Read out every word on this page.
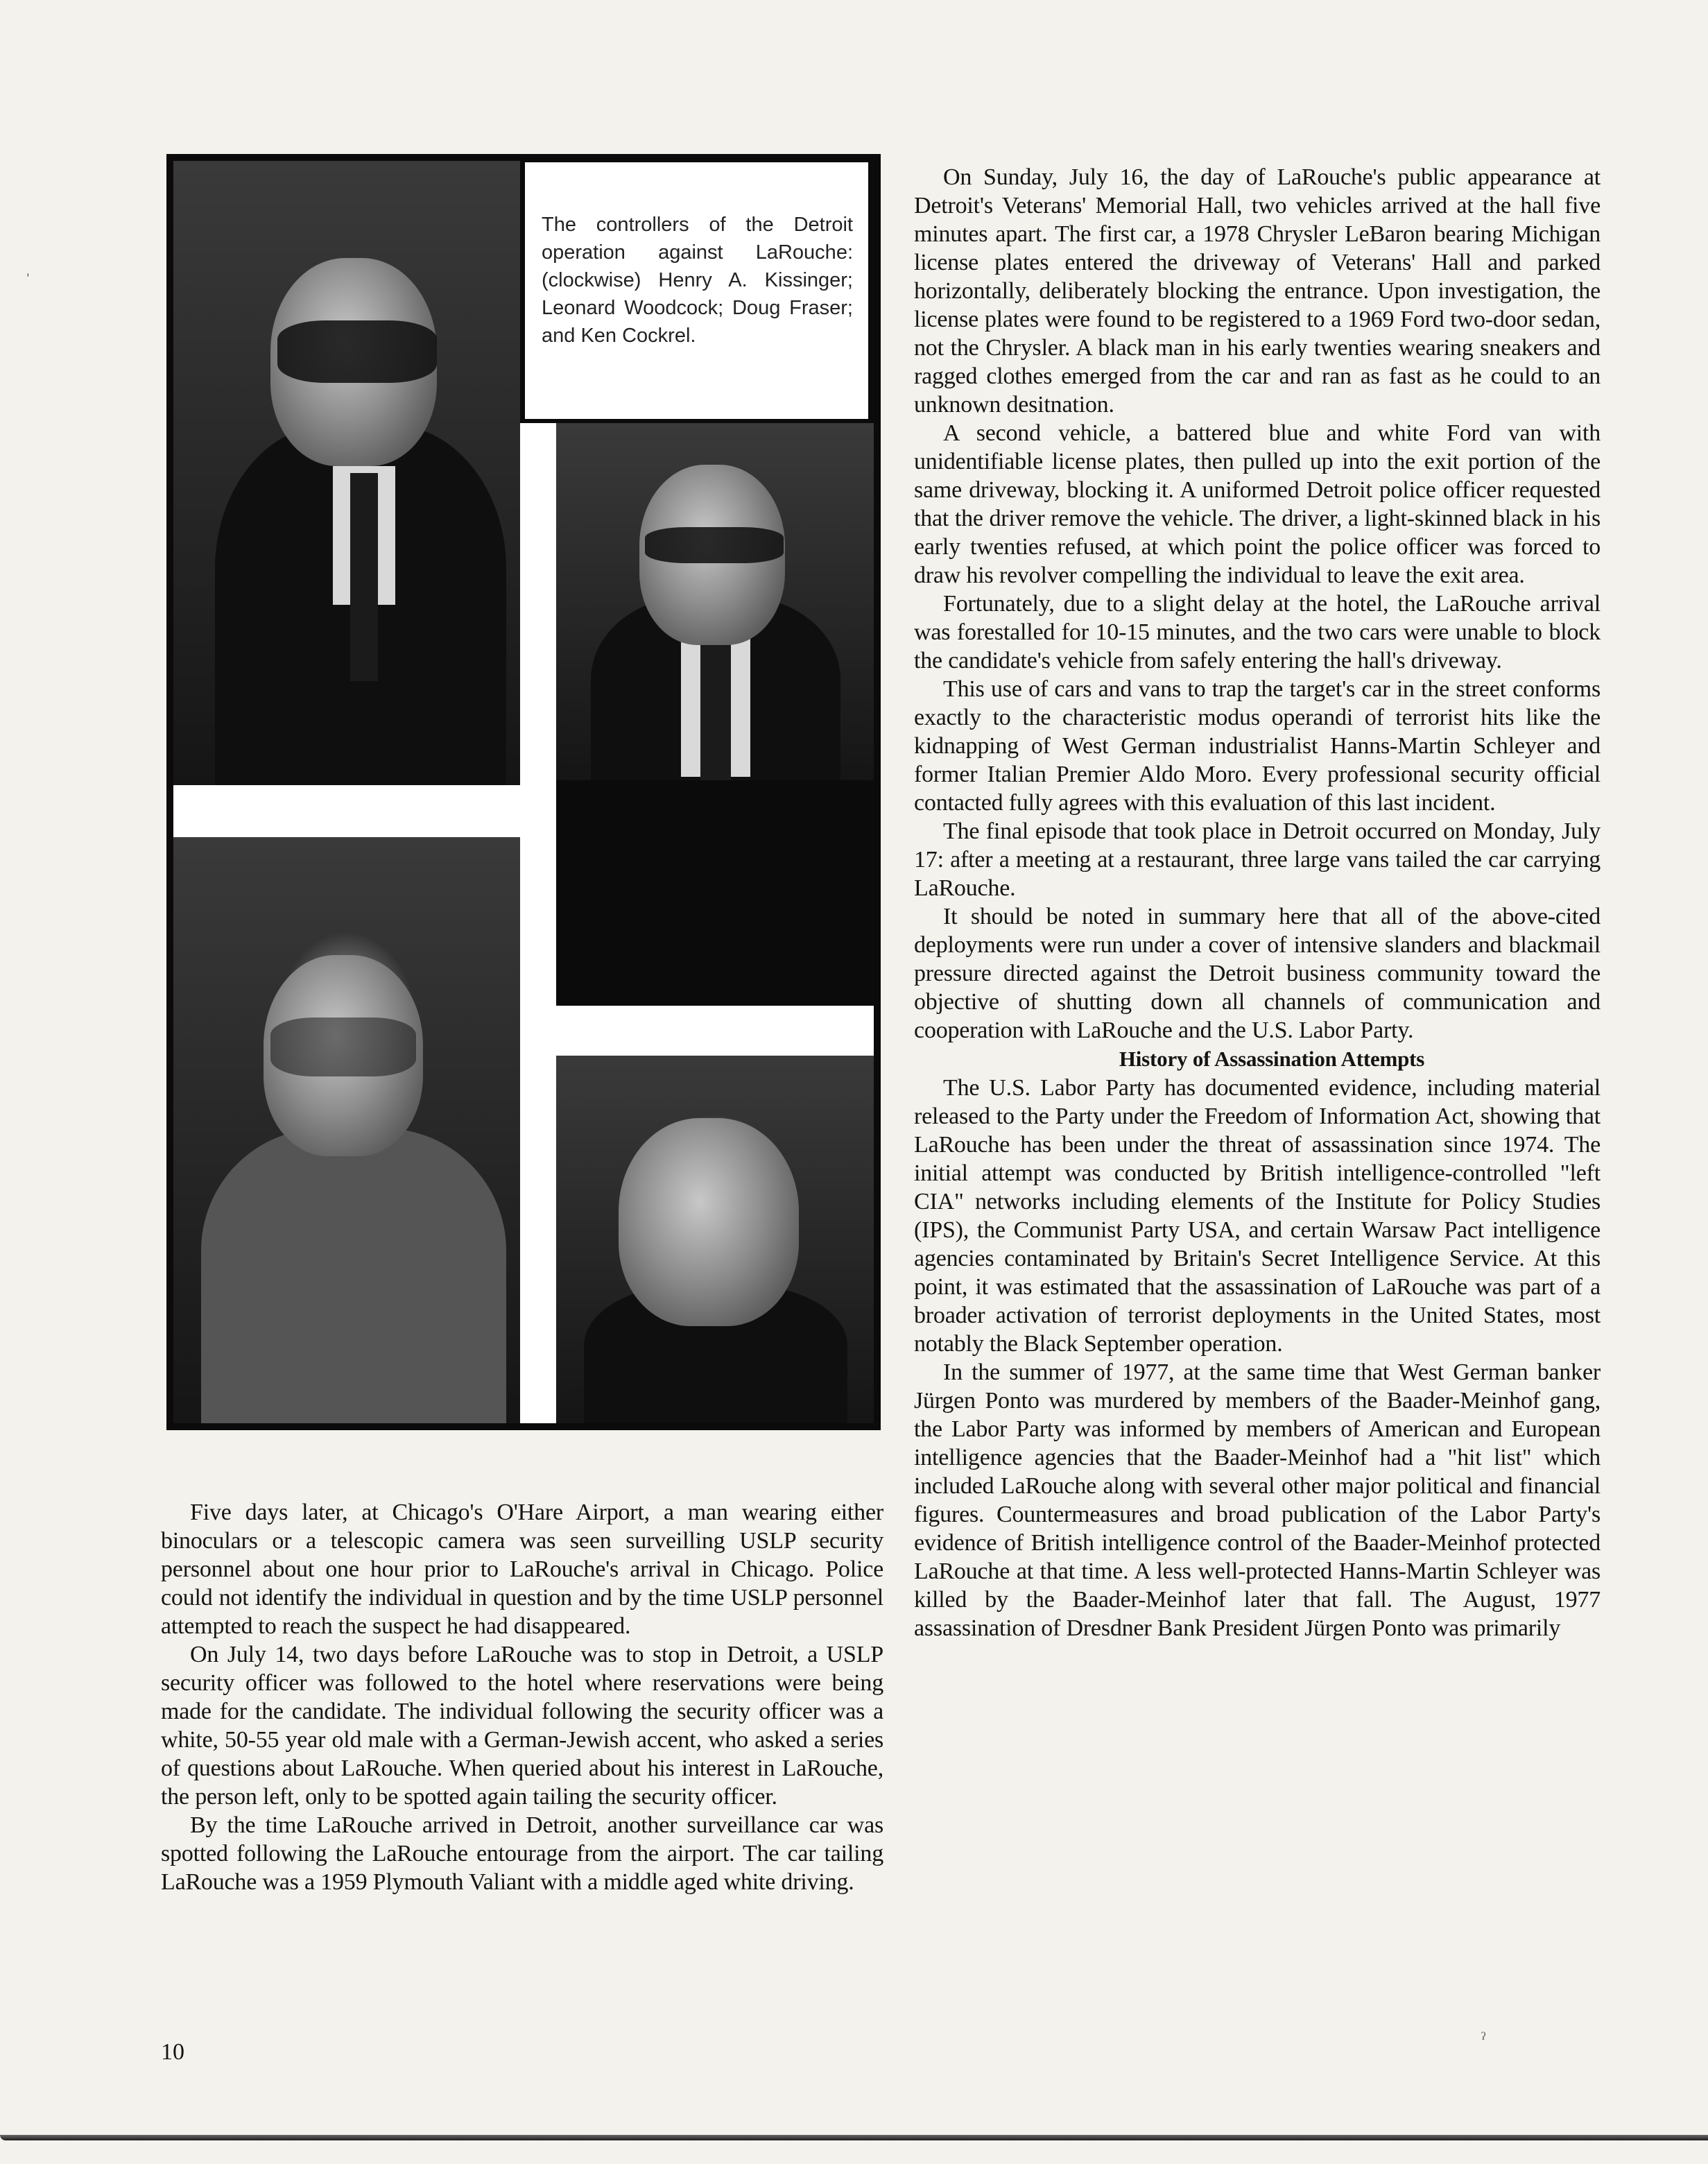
The controllers of the Detroit operation against LaRouche: (clockwise) Henry A. Kissinger; Leonard Woodcock; Doug Fraser; and Ken Cockrel.

Five days later, at Chicago's O'Hare Airport, a man wearing either binoculars or a telescopic camera was seen surveilling USLP security personnel about one hour prior to LaRouche's arrival in Chicago. Police could not identify the individual in question and by the time USLP personnel attempted to reach the suspect he had disappeared.

On July 14, two days before LaRouche was to stop in Detroit, a USLP security officer was followed to the hotel where reservations were being made for the candidate. The individual following the security officer was a white, 50-55 year old male with a German-Jewish accent, who asked a series of questions about LaRouche. When queried about his interest in LaRouche, the person left, only to be spotted again tailing the security officer.

By the time LaRouche arrived in Detroit, another surveillance car was spotted following the LaRouche entourage from the airport. The car tailing LaRouche was a 1959 Plymouth Valiant with a middle aged white driving.

On Sunday, July 16, the day of LaRouche's public appearance at Detroit's Veterans' Memorial Hall, two vehicles arrived at the hall five minutes apart. The first car, a 1978 Chrysler LeBaron bearing Michigan license plates entered the driveway of Veterans' Hall and parked horizontally, deliberately blocking the entrance. Upon investigation, the license plates were found to be registered to a 1969 Ford two-door sedan, not the Chrysler. A black man in his early twenties wearing sneakers and ragged clothes emerged from the car and ran as fast as he could to an unknown desitnation.

A second vehicle, a battered blue and white Ford van with unidentifiable license plates, then pulled up into the exit portion of the same driveway, blocking it. A uniformed Detroit police officer requested that the driver remove the vehicle. The driver, a light-skinned black in his early twenties refused, at which point the police officer was forced to draw his revolver compelling the individual to leave the exit area.

Fortunately, due to a slight delay at the hotel, the LaRouche arrival was forestalled for 10-15 minutes, and the two cars were unable to block the candidate's vehicle from safely entering the hall's driveway.

This use of cars and vans to trap the target's car in the street conforms exactly to the characteristic modus operandi of terrorist hits like the kidnapping of West German industrialist Hanns-Martin Schleyer and former Italian Premier Aldo Moro. Every professional security official contacted fully agrees with this evaluation of this last incident.

The final episode that took place in Detroit occurred on Monday, July 17: after a meeting at a restaurant, three large vans tailed the car carrying LaRouche.

It should be noted in summary here that all of the above-cited deployments were run under a cover of intensive slanders and blackmail pressure directed against the Detroit business community toward the objective of shutting down all channels of communication and cooperation with LaRouche and the U.S. Labor Party.

History of Assassination Attempts

The U.S. Labor Party has documented evidence, including material released to the Party under the Freedom of Information Act, showing that LaRouche has been under the threat of assassination since 1974. The initial attempt was conducted by British intelligence-controlled "left CIA" networks including elements of the Institute for Policy Studies (IPS), the Communist Party USA, and certain Warsaw Pact intelligence agencies contaminated by Britain's Secret Intelligence Service. At this point, it was estimated that the assassination of LaRouche was part of a broader activation of terrorist deployments in the United States, most notably the Black September operation.

In the summer of 1977, at the same time that West German banker Jürgen Ponto was murdered by members of the Baader-Meinhof gang, the Labor Party was informed by members of American and European intelligence agencies that the Baader-Meinhof had a "hit list" which included LaRouche along with several other major political and financial figures. Countermeasures and broad publication of the Labor Party's evidence of British intelligence control of the Baader-Meinhof protected LaRouche at that time. A less well-protected Hanns-Martin Schleyer was killed by the Baader-Meinhof later that fall. The August, 1977 assassination of Dresdner Bank President Jürgen Ponto was primarily

10
ˀ
ˈ
